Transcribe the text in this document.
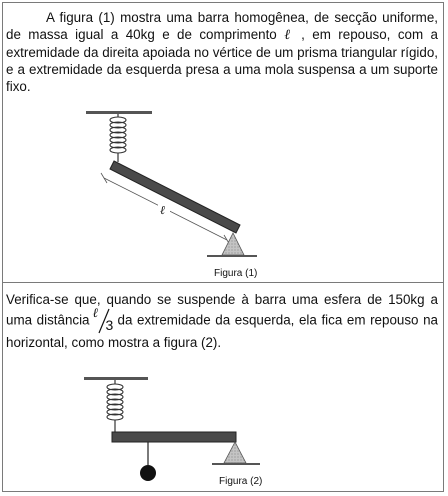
A figura (1) mostra uma barra homogênea, de secção uniforme, de massa igual a 40kg e de comprimento ℓ , em repouso, com a extremidade da direita apoiada no vértice de um prisma triangular rígido, e a extremidade da esquerda presa a uma mola suspensa a um suporte fixo.

Verifica-se que, quando se suspende à barra uma esfera de 150kg a uma distância ℓ
3 da extremidade da esquerda, ela fica em repouso na horizontal, como mostra a figura (2).

ℓ
Figura (1)
Figura (2)
